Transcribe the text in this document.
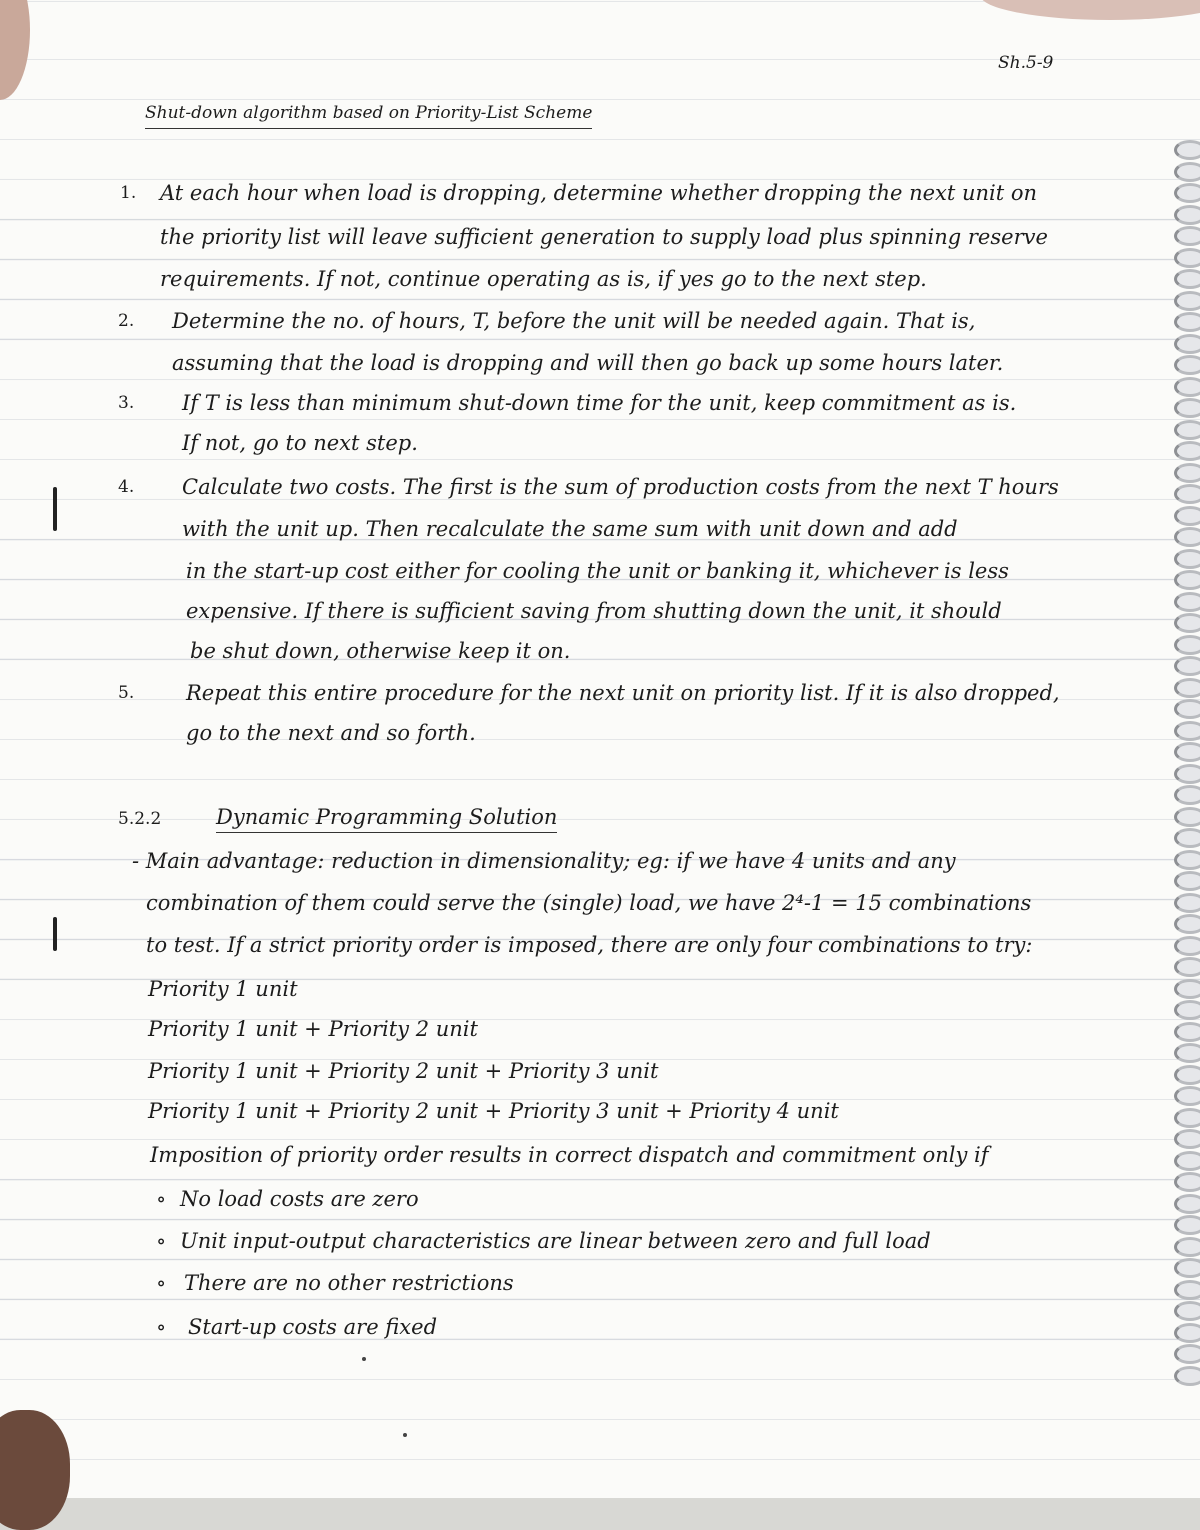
Sh.5-9

Shut-down algorithm based on Priority-List Scheme

1. At each hour when load is dropping, determine whether dropping the next unit on

the priority list will leave sufficient generation to supply load plus spinning reserve

requirements. If not, continue operating as is, if yes go to the next step.

2. Determine the no. of hours, T, before the unit will be needed again. That is,

assuming that the load is dropping and will then go back up some hours later.

3. If T is less than minimum shut-down time for the unit, keep commitment as is.

If not, go to next step.

4. Calculate two costs. The first is the sum of production costs from the next T hours

with the unit up. Then recalculate the same sum with unit down and add

in the start-up cost either for cooling the unit or banking it, whichever is less

expensive. If there is sufficient saving from shutting down the unit, it should

be shut down, otherwise keep it on.

5. Repeat this entire procedure for the next unit on priority list. If it is also dropped,

go to the next and so forth.

5.2.2	Dynamic Programming Solution

- Main advantage: reduction in dimensionality; eg: if we have 4 units and any

combination of them could serve the (single) load, we have 2⁴-1 = 15 combinations

to test. If a strict priority order is imposed, there are only four combinations to try:

Priority 1 unit

Priority 1 unit + Priority 2 unit

Priority 1 unit + Priority 2 unit + Priority 3 unit

Priority 1 unit + Priority 2 unit + Priority 3 unit + Priority 4 unit

Imposition of priority order results in correct dispatch and commitment only if

∘ No load costs are zero

∘ Unit input-output characteristics are linear between zero and full load

∘ There are no other restrictions

∘ Start-up costs are fixed
